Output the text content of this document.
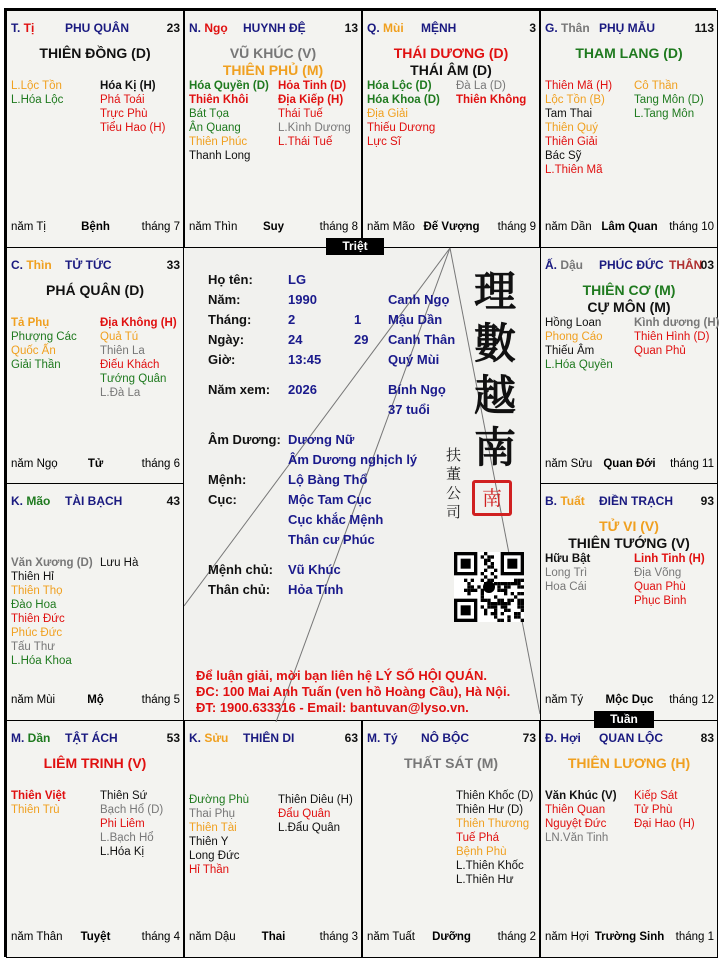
T. Tị	PHU QUÂN	23
THIÊN ĐỒNG (D)
L.Lộc Tồn
L.Hóa Lộc
Hóa Kị (H)
Phá Toái
Trực Phù
Tiểu Hao (H)
năm Tị	Bệnh	tháng 7
N. Ngọ HUYNH ĐỆ	13
VŨ KHÚC (V)
THIÊN PHỦ (M)
Hóa Quyền (D)
Thiên Khôi
Bát Tọa
Ân Quang
Thiên Phúc
Thanh Long
Hỏa Tinh (D)
Địa Kiếp (H)
Thái Tuế
L.Kình Dương
L.Thái Tuế
năm Thìn	Suy	tháng 8
Q. Mùi MỆNH	3
THÁI DƯƠNG (D)
THÁI ÂM (D)
Hóa Lộc (D)
Hóa Khoa (D)
Địa Giải
Thiếu Dương
Lực Sĩ
Đà La (D)
Thiên Không
năm Mão Đế Vượng	tháng 9
G. Thân PHỤ MẪU	113
THAM LANG (D)
Thiên Mã (H)
Lộc Tồn (B)
Tam Thai
Thiên Quý
Thiên Giải
Bác Sỹ
L.Thiên Mã
Cô Thần
Tang Môn (D)
L.Tang Môn
năm Dần Lâm Quan	tháng 10
C. Thìn TỬ TỨC	33
PHÁ QUÂN (D)
Tả Phụ
Phượng Các
Quốc Ấn
Giải Thần
Địa Không (H)
Quả Tú
Thiên La
Điếu Khách
Tướng Quân
L.Đà La
năm Ngọ	Tử	tháng 6
Ấ. Dậu PHÚC ĐỨC THÂN
03
THIÊN CƠ (M)
CỰ MÔN (M)
Hồng Loan
Phong Cáo
Thiếu Âm
L.Hóa Quyền
Kình dương (H)
Thiên Hình (D)
Quan Phủ
năm Sửu Quan Đới	tháng 11
K. Mão TÀI BẠCH	43
Văn Xương (D)
Thiên Hỉ
Thiên Thọ
Đào Hoa
Thiên Đức
Phúc Đức
Tấu Thư
L.Hóa Khoa
Lưu Hà
năm Mùi	Mộ	tháng 5
B. Tuất ĐIỀN TRẠCH 93
TỬ VI (V)
THIÊN TƯỚNG (V)
Hữu Bật
Long Trì
Hoa Cái
Linh Tinh (H)
Địa Võng
Quan Phù
Phục Binh
năm Tý	Mộc Dục	tháng 12
M. Dần TẬT ÁCH	53
LIÊM TRINH (V)
Thiên Việt
Thiên Trù
Thiên Sứ
Bạch Hổ (D)
Phi Liêm
L.Bạch Hổ
L.Hóa Kị
năm Thân	Tuyệt	tháng 4
K. Sửu THIÊN DI	63
Đường Phù
Thai Phụ
Thiên Tài
Thiên Y
Long Đức
Hỉ Thần
Thiên Diêu (H)
Đẩu Quân
L.Đẩu Quân
năm Dậu	Thai	tháng 3
M. Tý NÔ BỘC	73
THẤT SÁT (M)
Thiên Khốc (D)
Thiên Hư (D)
Thiên Thương
Tuế Phá
Bệnh Phù
L.Thiên Khốc
L.Thiên Hư
năm Tuất	Dưỡng	tháng 2
Đ. Hợi QUAN LỘC	83
THIÊN LƯƠNG (H)
Văn Khúc (V)
Thiên Quan
Nguyệt Đức
LN.Văn Tinh
Kiếp Sát
Tử Phù
Đại Hao (H)
năm Hợi Trường Sinh tháng 1
Họ tên:	LG
Năm:	1990	Canh Ngọ
Tháng:	2	1 Mậu Dần
Ngày:	24	29 Canh Thân
Giờ:	13:45	Quý Mùi
Năm xem: 2026	Bính Ngọ
37 tuổi
Âm Dương: Dương Nữ
Âm Dương nghịch lý
Mệnh:	Lộ Bàng Thổ
Cục:	Mộc Tam Cục
Cục khắc Mệnh
Thân cư Phúc
Mệnh chủ: Vũ Khúc
Thân chủ: Hỏa Tinh
理數越南
扶董公司
南
Để luận giải, mời bạn liên hệ LÝ SỐ HỘI QUÁN.
ĐC: 100 Mai Anh Tuấn (ven hồ Hoàng Cầu), Hà Nội.
ĐT: 1900.633316 - Email: bantuvan@lyso.vn.
Triệt
Tuần
